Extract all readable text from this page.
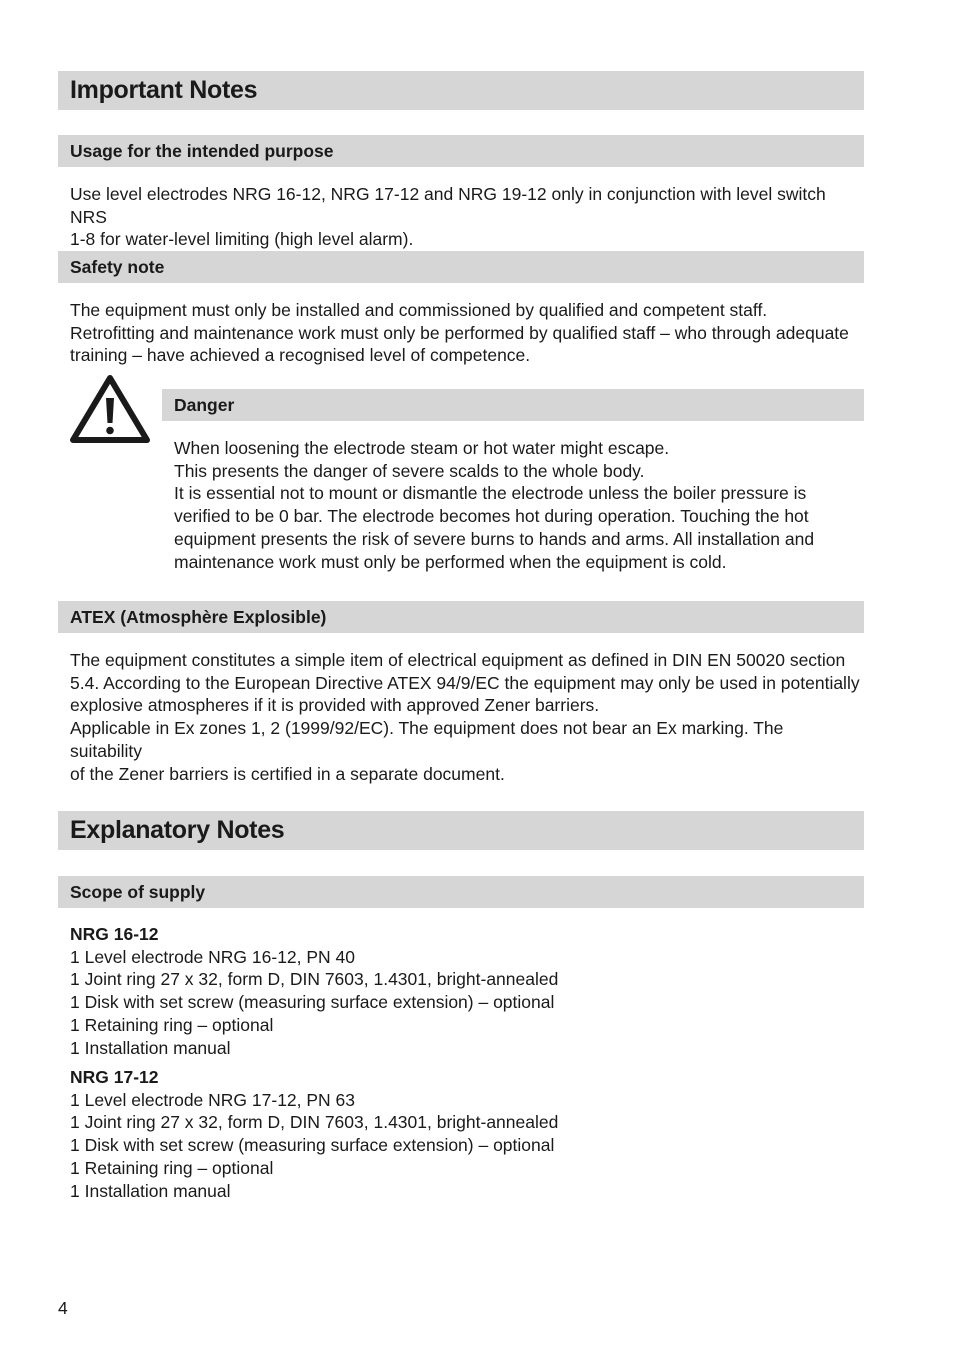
Important Notes
Usage for the intended purpose

Use level electrodes NRG 16-12, NRG 17-12 and NRG 19-12 only in conjunction with level switch NRS

1-8 for water-level limiting (high level alarm).

Safety note

The equipment must only be installed and commissioned by qualified and competent staff.

Retrofitting and maintenance work must only be performed by qualified staff – who through adequate

training – have achieved a recognised level of competence.

Danger

When loosening the electrode steam or hot water might escape.

This presents the danger of severe scalds to the whole body.

It is essential not to mount or dismantle the electrode unless the boiler pressure is

verified to be 0 bar. The electrode becomes hot during operation. Touching the hot

equipment presents the risk of severe burns to hands and arms. All installation and

maintenance work must only be performed when the equipment is cold.

ATEX (Atmosphère Explosible)

The equipment constitutes a simple item of electrical equipment as defined in DIN EN 50020 section

5.4. According to the European Directive ATEX 94/9/EC the equipment may only be used in potentially

explosive atmospheres if it is provided with approved Zener barriers.

Applicable in Ex zones 1, 2 (1999/92/EC). The equipment does not bear an Ex marking. The suitability

of the Zener barriers is certified in a separate document.

Explanatory Notes
Scope of supply

NRG 16-12

1 Level electrode NRG 16-12, PN 40

1 Joint ring 27 x 32, form D, DIN 7603, 1.4301, bright-annealed

1 Disk with set screw (measuring surface extension) – optional

1 Retaining ring – optional

1 Installation manual

NRG 17-12

1 Level electrode NRG 17-12, PN 63

1 Joint ring 27 x 32, form D, DIN 7603, 1.4301, bright-annealed

1 Disk with set screw (measuring surface extension) – optional

1 Retaining ring – optional

1 Installation manual

4
